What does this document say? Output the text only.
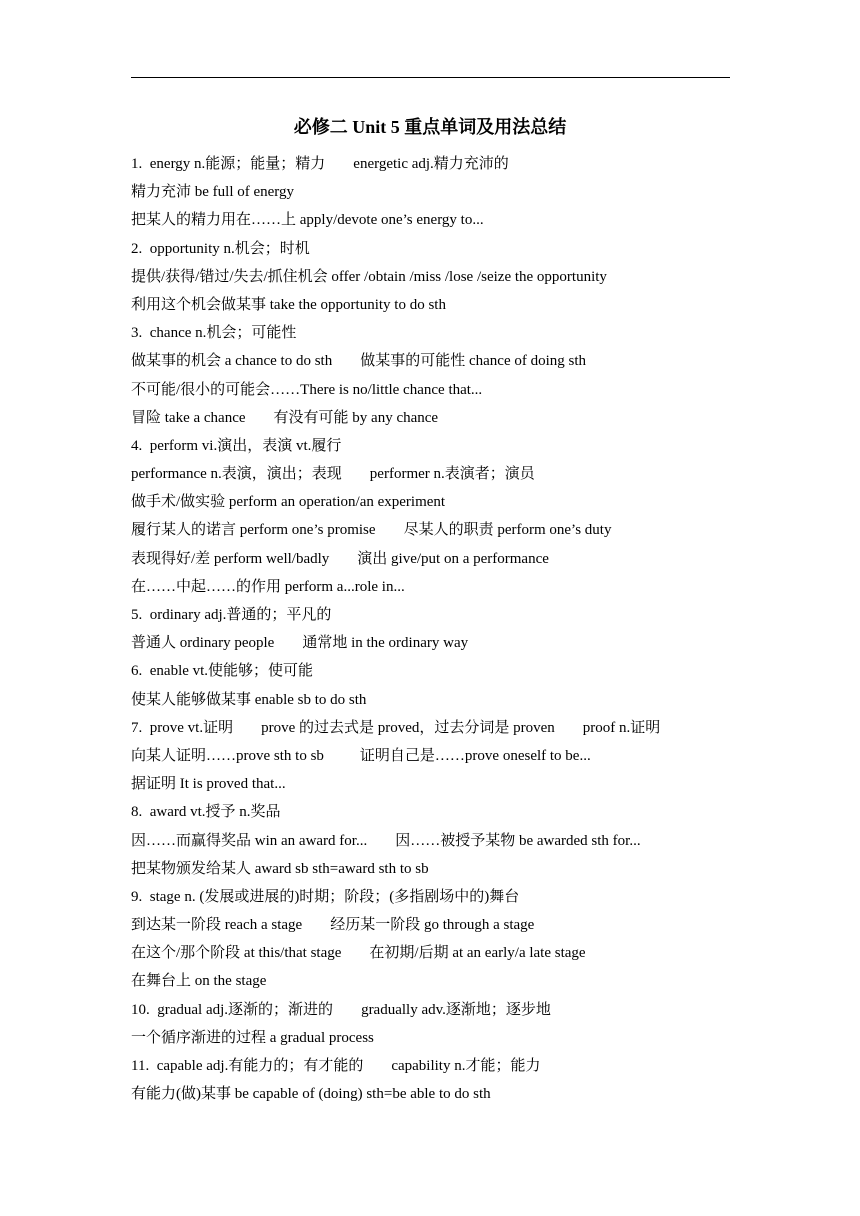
必修二 Unit 5 重点单词及用法总结
1.  energy n.能源；能量；精力 energetic adj.精力充沛的
精力充沛 be full of energy
把某人的精力用在……上 apply/devote one’s energy to...
2.  opportunity n.机会；时机
提供/获得/错过/失去/抓住机会 offer /obtain /miss /lose /seize the opportunity
利用这个机会做某事 take the opportunity to do sth
3.  chance n.机会；可能性
做某事的机会 a chance to do sth 做某事的可能性 chance of doing sth
不可能/很小的可能会……There is no/little chance that...
冒险 take a chance 有没有可能 by any chance
4.  perform vi.演出，表演 vt.履行
performance n.表演，演出；表现 performer n.表演者；演员
做手术/做实验 perform an operation/an experiment
履行某人的诺言 perform one’s promise 尽某人的职责 perform one’s duty
表现得好/差 perform well/badly 演出 give/put on a performance
在……中起……的作用 perform a...role in...
5.  ordinary adj.普通的；平凡的
普通人 ordinary people 通常地 in the ordinary way
6.  enable vt.使能够；使可能
使某人能够做某事 enable sb to do sth
7.  prove vt.证明 prove 的过去式是 proved，过去分词是 proven proof n.证明
向某人证明……prove sth to sb 证明自己是……prove oneself to be...
据证明 It is proved that...
8.  award vt.授予 n.奖品
因……而赢得奖品 win an award for... 因……被授予某物 be awarded sth for...
把某物颁发给某人 award sb sth=award sth to sb
9.  stage n. (发展或进展的)时期；阶段；(多指剧场中的)舞台
到达某一阶段 reach a stage 经历某一阶段 go through a stage
在这个/那个阶段 at this/that stage 在初期/后期 at an early/a late stage
在舞台上 on the stage
10.  gradual adj.逐渐的；渐进的 gradually adv.逐渐地；逐步地
一个循序渐进的过程 a gradual process
11.  capable adj.有能力的；有才能的 capability n.才能；能力
有能力(做)某事 be capable of (doing) sth=be able to do sth
